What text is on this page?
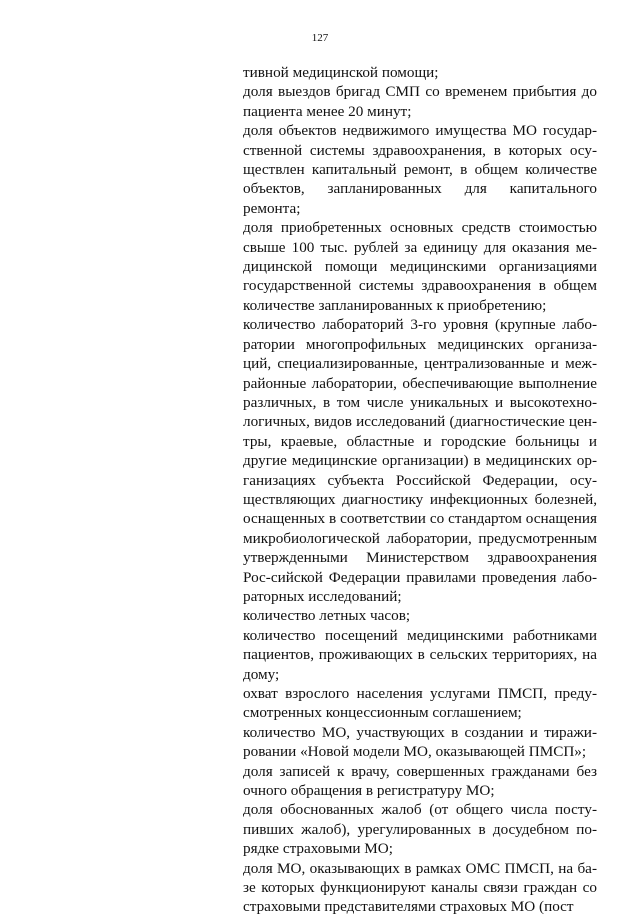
127

тивной медицинской помощи;

доля выездов бригад СМП со временем прибытия до пациента менее 20 минут;

доля объектов недвижимого имущества МО государственной системы здравоохранения, в которых осуществлен капитальный ремонт, в общем количестве объектов, запланированных для капитального ремонта;

доля приобретенных основных средств стоимостью свыше 100 тыс. рублей за единицу для оказания медицинской помощи медицинскими организациями государственной системы здравоохранения в общем количестве запланированных к приобретению;

количество лабораторий 3-го уровня (крупные лаборатории многопрофильных медицинских организаций, специализированные, централизованные и межрайонные лаборатории, обеспечивающие выполнение различных, в том числе уникальных и высокотехнологичных, видов исследований (диагностические центры, краевые, областные и городские больницы и другие медицинские организации) в медицинских организациях субъекта Российской Федерации, осуществляющих диагностику инфекционных болезней, оснащенных в соответствии со стандартом оснащения микробиологической лаборатории, предусмотренным утвержденными Министерством здравоохранения Рос-сийской Федерации правилами проведения лабораторных исследований;

количество летных часов;

количество посещений медицинскими работниками пациентов, проживающих в сельских территориях, на дому;

охват взрослого населения услугами ПМСП, предусмотренных концессионным соглашением;

количество МО, участвующих в создании и тиражировании «Новой модели МО, оказывающей ПМСП»;

доля записей к врачу, совершенных гражданами без очного обращения в регистратуру МО;

доля обоснованных жалоб (от общего числа поступивших жалоб), урегулированных в досудебном порядке страховыми МО;

доля МО, оказывающих в рамках ОМС ПМСП, на базе которых функционируют каналы связи граждан со страховыми представителями страховых МО (пост
